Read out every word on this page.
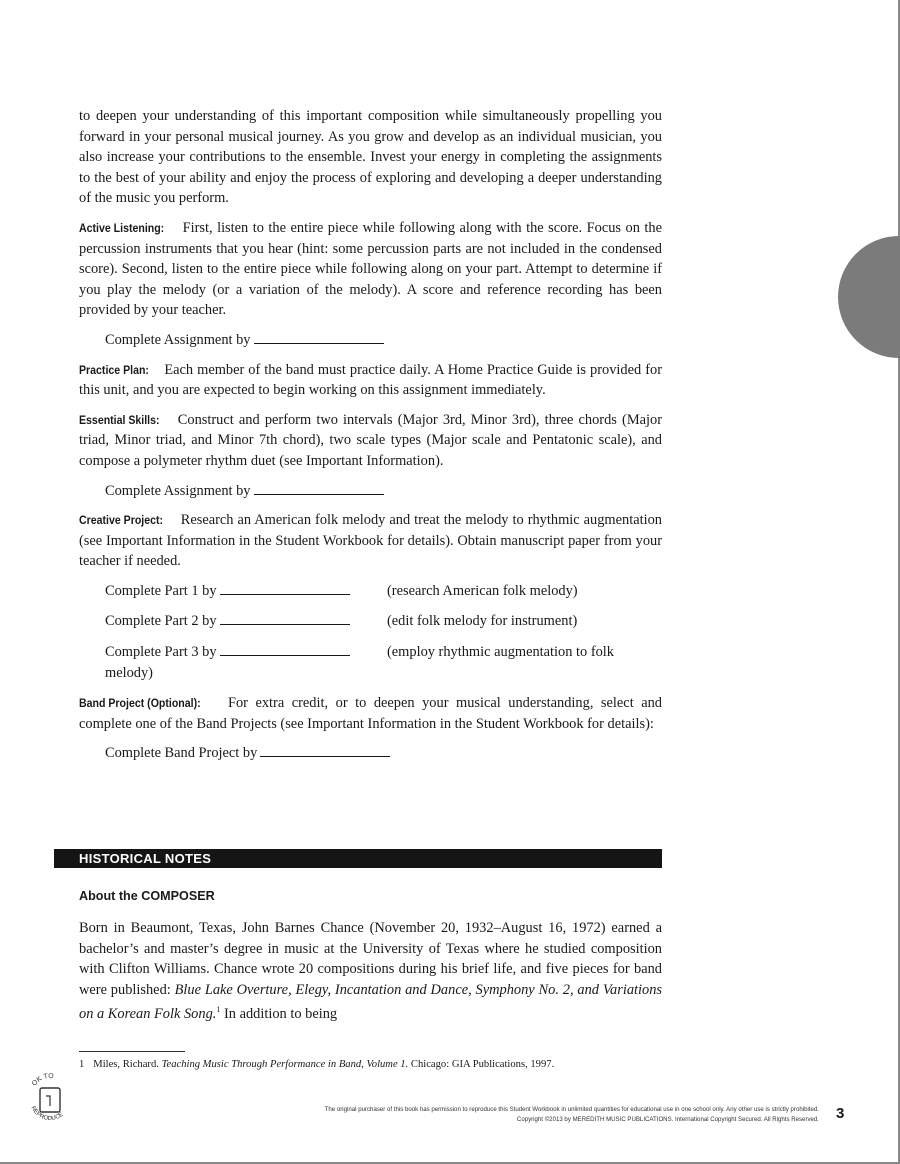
to deepen your understanding of this important composition while simultaneously propelling you forward in your personal musical journey. As you grow and develop as an individual musician, you also increase your contributions to the ensemble. Invest your energy in completing the assignments to the best of your ability and enjoy the process of exploring and developing a deeper understanding of the music you perform.

Active Listening: First, listen to the entire piece while following along with the score. Focus on the percussion instruments that you hear (hint: some percussion parts are not included in the condensed score). Second, listen to the entire piece while following along on your part. Attempt to determine if you play the melody (or a variation of the melody). A score and reference recording has been provided by your teacher.

Complete Assignment by

Practice Plan: Each member of the band must practice daily. A Home Practice Guide is provided for this unit, and you are expected to begin working on this assignment immediately.

Essential Skills: Construct and perform two intervals (Major 3rd, Minor 3rd), three chords (Major triad, Minor triad, and Minor 7th chord), two scale types (Major scale and Pentatonic scale), and compose a polymeter rhythm duet (see Important Information).

Complete Assignment by

Creative Project: Research an American folk melody and treat the melody to rhythmic augmentation (see Important Information in the Student Workbook for details). Obtain manuscript paper from your teacher if needed.

Complete Part 1 by	(research American folk melody)
Complete Part 2 by	(edit folk melody for instrument)
Complete Part 3 by	(employ rhythmic augmentation to folk
melody)

Band Project (Optional): For extra credit, or to deepen your musical understanding, select and complete one of the Band Projects (see Important Information in the Student Workbook for details):

Complete Band Project by
HISTORICAL NOTES
About the COMPOSER

Born in Beaumont, Texas, John Barnes Chance (November 20, 1932–August 16, 1972) earned a bachelor’s and master’s degree in music at the University of Texas where he studied composition with Clifton Williams. Chance wrote 20 compositions during his brief life, and five pieces for band were published: Blue Lake Overture, Elegy, Incantation and Dance, Symphony No. 2, and Variations on a Korean Folk Song.$^1$ In addition to being

1 Miles, Richard. Teaching Music Through Performance in Band, Volume 1. Chicago: GIA Publications, 1997.
OK TO
REPRODUCE
The original purchaser of this book has permission to reproduce this Student Workbook in unlimited quantities for educational use in one school only. Any other use is strictly prohibited.
Copyright ©2013 by MEREDITH MUSIC PUBLICATIONS. International Copyright Secured. All Rights Reserved. 3
